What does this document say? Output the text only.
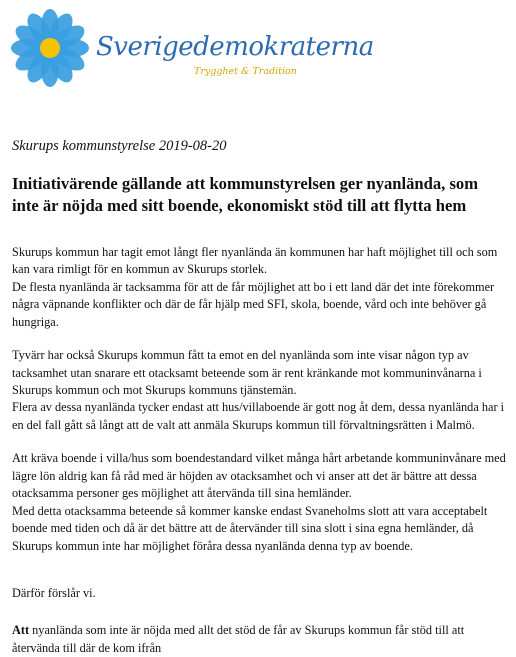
Sverigedemokraterna
Trygghet & Tradition

Skurups kommunstyrelse 2019-08-20

Initiativärende gällande att kommunstyrelsen ger nyanlända, som inte är nöjda med sitt boende, ekonomiskt stöd till att flytta hem

Skurups kommun har tagit emot långt fler nyanlända än kommunen har haft möjlighet till och som kan vara rimligt för en kommun av Skurups storlek.

De flesta nyanlända är tacksamma för att de får möjlighet att bo i ett land där det inte förekommer några väpnande konflikter och där de får hjälp med SFI, skola, boende, vård och inte behöver gå hungriga.

Tyvärr har också Skurups kommun fått ta emot en del nyanlända som inte visar någon typ av tacksamhet utan snarare ett otacksamt beteende som är rent kränkande mot kommuninvånarna i Skurups kommun och mot Skurups kommuns tjänstemän.

Flera av dessa nyanlända tycker endast att hus/villaboende är gott nog åt dem, dessa nyanlända har i en del fall gått så långt att de valt att anmäla Skurups kommun till förvaltningsrätten i Malmö.

Att kräva boende i villa/hus som boendestandard vilket många hårt arbetande kommuninvånare med lägre lön aldrig kan få råd med är höjden av otacksamhet och vi anser att det är bättre att dessa otacksamma personer ges möjlighet att återvända till sina hemländer.

Med detta otacksamma beteende så kommer kanske endast Svaneholms slott att vara acceptabelt boende med tiden och då är det bättre att de återvänder till sina slott i sina egna hemländer, då Skurups kommun inte har möjlighet föråra dessa nyanlända denna typ av boende.

Därför förslår vi.

Att nyanlända som inte är nöjda med allt det stöd de får av Skurups kommun får stöd till att återvända till där de kom ifrån
